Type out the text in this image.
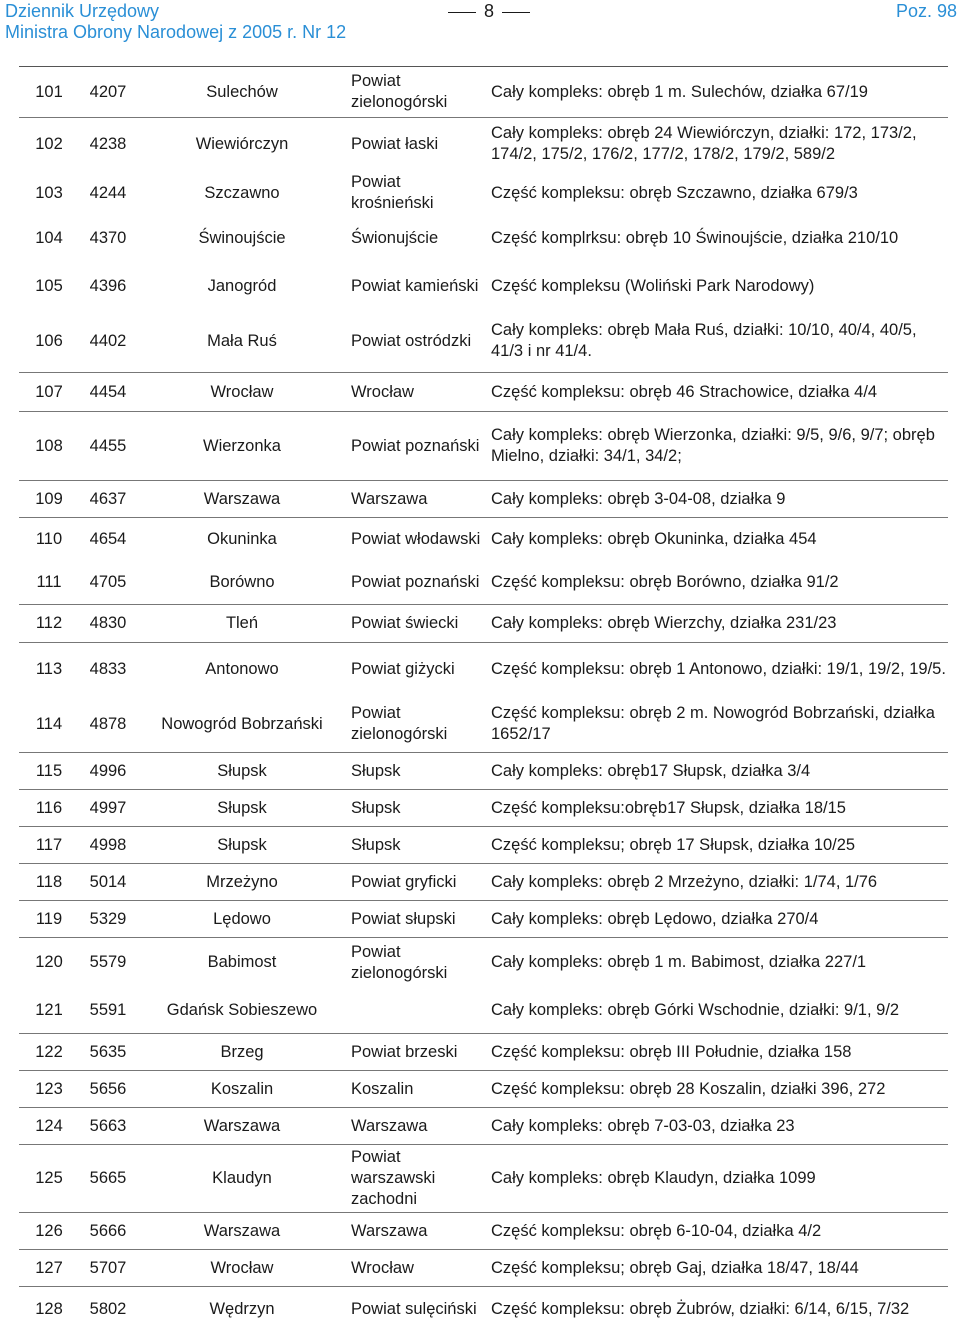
Dziennik Urzędowy
Ministra Obrony Narodowej z 2005 r. Nr 12
8	Poz. 98
101	4207	Sulechów	Powiat zielonogórski	Cały kompleks: obręb 1 m. Sulechów, działka 67/19
102	4238	Wiewiórczyn	Powiat łaski	Cały kompleks: obręb 24 Wiewiórczyn, działki: 172, 173/2, 174/2, 175/2, 176/2, 177/2, 178/2, 179/2, 589/2
103	4244	Szczawno	Powiat krośnieński	Część kompleksu: obręb Szczawno, działka 679/3
104	4370	Świnoujście	Świonujście	Część komplrksu: obręb 10 Świnoujście, działka 210/10
105	4396	Janogród	Powiat kamieński	Część kompleksu (Woliński Park Narodowy)
106	4402	Mała Ruś	Powiat ostródzki	Cały kompleks: obręb Mała Ruś, działki: 10/10, 40/4, 40/5, 41/3 i nr 41/4.
107	4454	Wrocław	Wrocław	Część kompleksu: obręb 46 Strachowice, działka 4/4
108	4455	Wierzonka	Powiat poznański	Cały kompleks: obręb Wierzonka, działki: 9/5, 9/6, 9/7; obręb Mielno, działki: 34/1, 34/2;
109	4637	Warszawa	Warszawa	Cały kompleks: obręb 3-04-08, działka 9
110	4654	Okuninka	Powiat włodawski	Cały kompleks: obręb Okuninka, działka 454
111	4705	Borówno	Powiat poznański	Część kompleksu: obręb Borówno, działka 91/2
112	4830	Tleń	Powiat świecki	Cały kompleks: obręb Wierzchy, działka 231/23
113	4833	Antonowo	Powiat giżycki	Część kompleksu: obręb 1 Antonowo, działki: 19/1, 19/2, 19/5.
114	4878	Nowogród Bobrzański	Powiat zielonogórski	Część kompleksu: obręb 2 m. Nowogród Bobrzański, działka 1652/17
115	4996	Słupsk	Słupsk	Cały kompleks: obręb17 Słupsk, działka 3/4
116	4997	Słupsk	Słupsk	Część kompleksu:obręb17 Słupsk, działka 18/15
117	4998	Słupsk	Słupsk	Część kompleksu; obręb 17 Słupsk, działka 10/25
118	5014	Mrzeżyno	Powiat gryficki	Cały kompleks: obręb 2 Mrzeżyno, działki: 1/74, 1/76
119	5329	Lędowo	Powiat słupski	Cały kompleks: obręb Lędowo, działka 270/4
120	5579	Babimost	Powiat zielonogórski	Cały kompleks: obręb 1 m. Babimost, działka 227/1
121	5591	Gdańsk Sobieszewo		Cały kompleks: obręb Górki Wschodnie, działki: 9/1, 9/2
122	5635	Brzeg	Powiat brzeski	Część kompleksu: obręb III Południe, działka 158
123	5656	Koszalin	Koszalin	Część kompleksu: obręb 28 Koszalin, działki 396, 272
124	5663	Warszawa	Warszawa	Cały kompleks: obręb 7-03-03, działka 23
125	5665	Klaudyn	Powiat warszawski zachodni	Cały kompleks: obręb Klaudyn, działka 1099
126	5666	Warszawa	Warszawa	Część kompleksu: obręb 6-10-04, działka 4/2
127	5707	Wrocław	Wrocław	Część kompleksu; obręb Gaj, działka 18/47, 18/44
128	5802	Wędrzyn	Powiat sulęciński	Część kompleksu: obręb Żubrów, działki: 6/14, 6/15, 7/32
